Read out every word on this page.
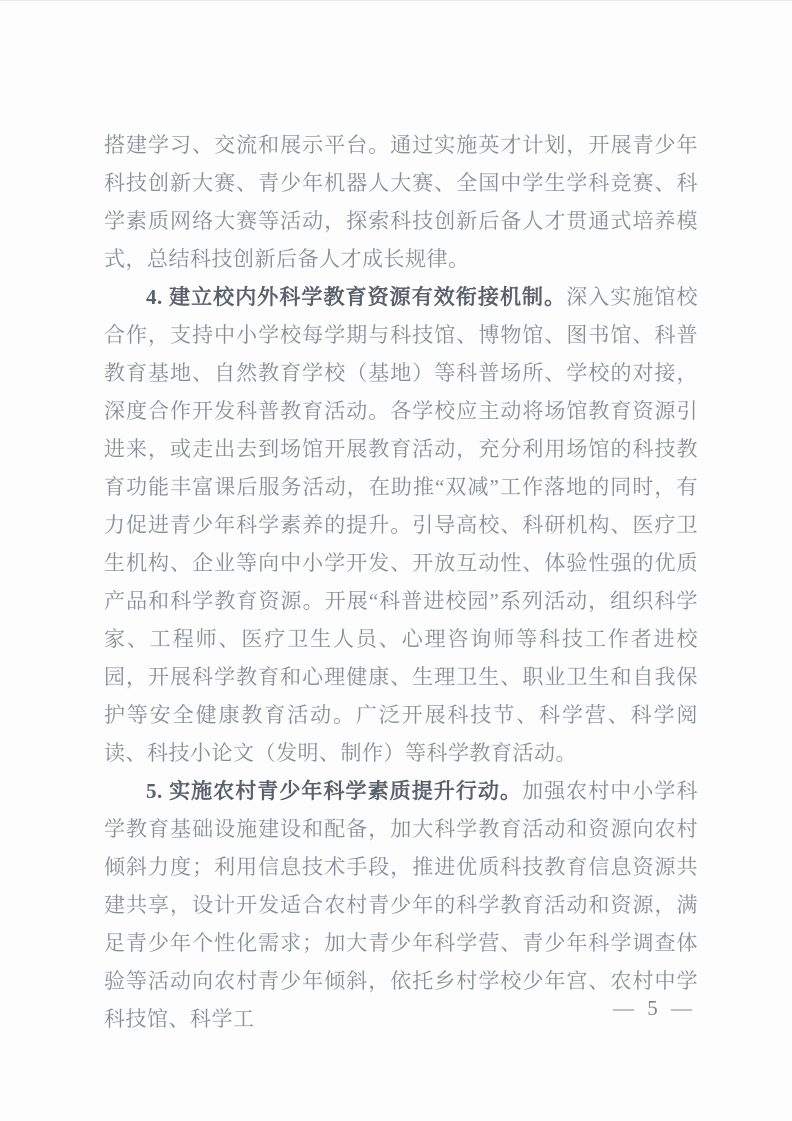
搭建学习、交流和展示平台。通过实施英才计划，开展青少年科技创新大赛、青少年机器人大赛、全国中学生学科竞赛、科学素质网络大赛等活动，探索科技创新后备人才贯通式培养模式，总结科技创新后备人才成长规律。

4. 建立校内外科学教育资源有效衔接机制。深入实施馆校合作，支持中小学校每学期与科技馆、博物馆、图书馆、科普教育基地、自然教育学校（基地）等科普场所、学校的对接，深度合作开发科普教育活动。各学校应主动将场馆教育资源引进来，或走出去到场馆开展教育活动，充分利用场馆的科技教育功能丰富课后服务活动，在助推“双减”工作落地的同时，有力促进青少年科学素养的提升。引导高校、科研机构、医疗卫生机构、企业等向中小学开发、开放互动性、体验性强的优质产品和科学教育资源。开展“科普进校园”系列活动，组织科学家、工程师、医疗卫生人员、心理咨询师等科技工作者进校园，开展科学教育和心理健康、生理卫生、职业卫生和自我保护等安全健康教育活动。广泛开展科技节、科学营、科学阅读、科技小论文（发明、制作）等科学教育活动。

5. 实施农村青少年科学素质提升行动。加强农村中小学科学教育基础设施建设和配备，加大科学教育活动和资源向农村倾斜力度；利用信息技术手段，推进优质科技教育信息资源共建共享，设计开发适合农村青少年的科学教育活动和资源，满足青少年个性化需求；加大青少年科学营、青少年科学调查体验等活动向农村青少年倾斜，依托乡村学校少年宫、农村中学科技馆、科学工	— 5 —
